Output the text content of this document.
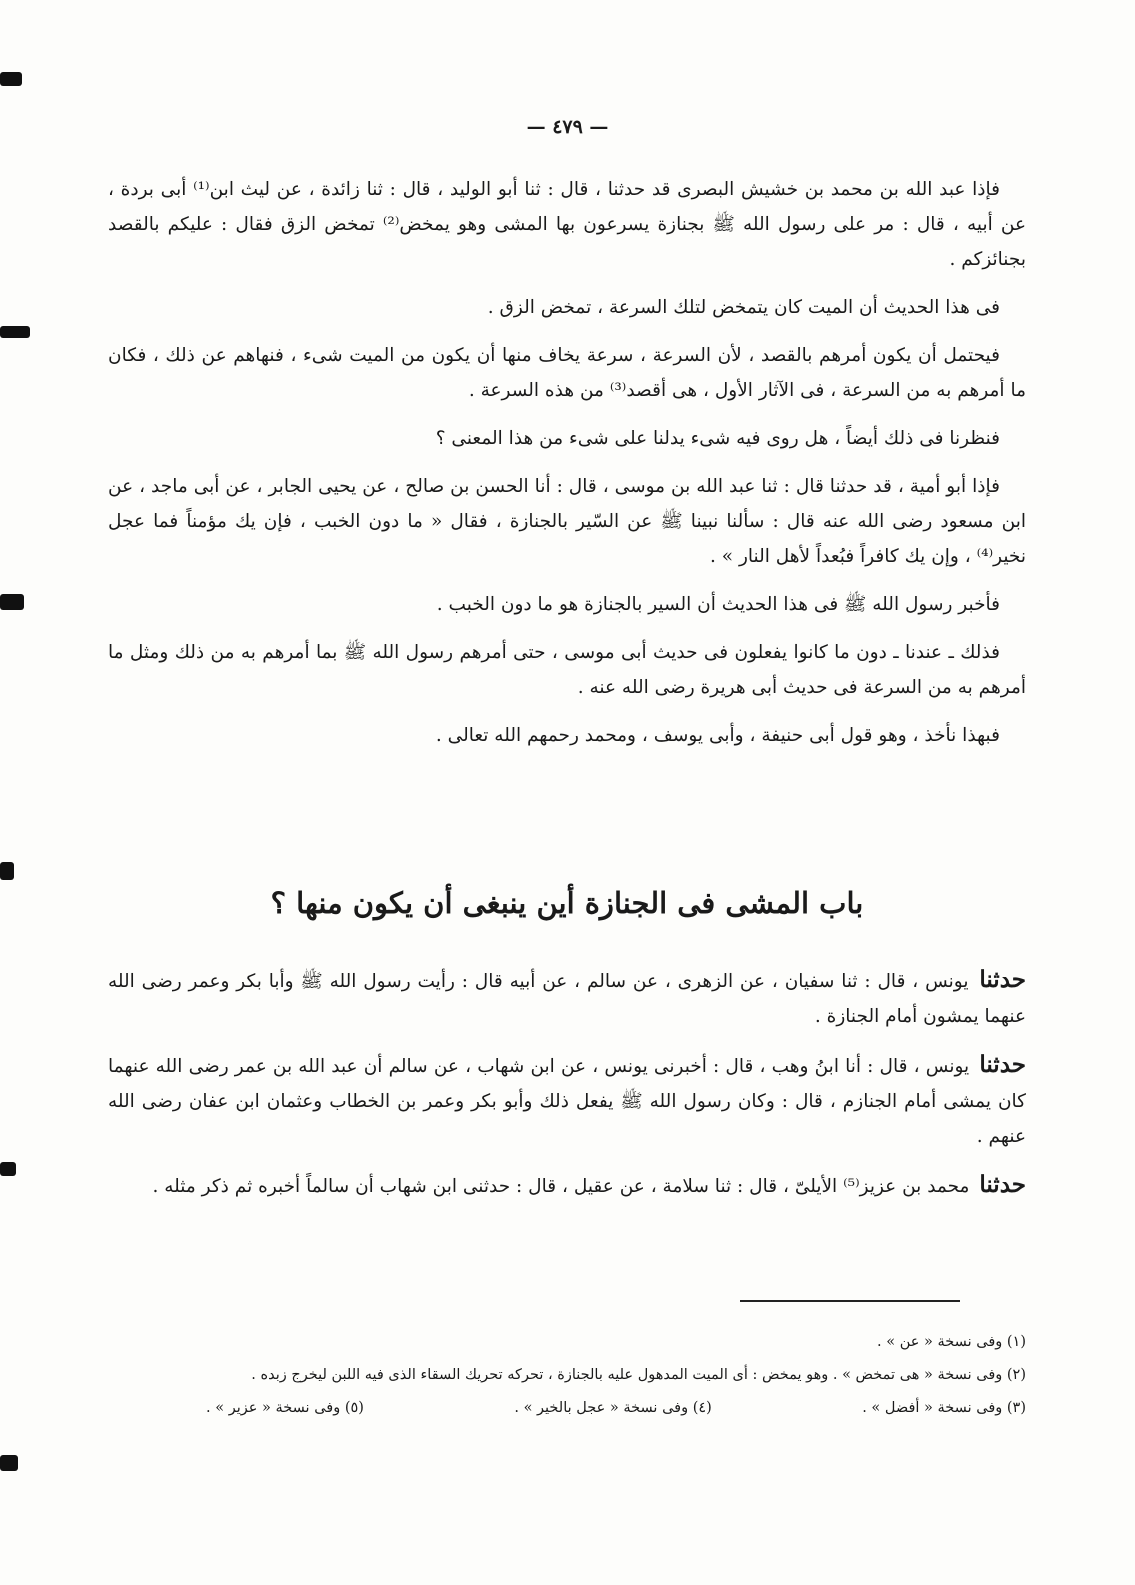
— ٤٧٩ —

فإذا عبد الله بن محمد بن خشيش البصرى قد حدثنا ، قال : ثنا أبو الوليد ، قال : ثنا زائدة ، عن ليث ابن⁽¹⁾ أبى بردة ، عن أبيه ، قال : مر على رسول الله ﷺ بجنازة يسرعون بها المشى وهو يمخض⁽²⁾ تمخض الزق فقال : عليكم بالقصد بجنائزكم .

فى هذا الحديث أن الميت كان يتمخض لتلك السرعة ، تمخض الزق .

فيحتمل أن يكون أمرهم بالقصد ، لأن السرعة ، سرعة يخاف منها أن يكون من الميت شىء ، فنهاهم عن ذلك ، فكان ما أمرهم به من السرعة ، فى الآثار الأول ، هى أقصد⁽³⁾ من هذه السرعة .

فنظرنا فى ذلك أيضاً ، هل روى فيه شىء يدلنا على شىء من هذا المعنى ؟

فإذا أبو أمية ، قد حدثنا قال : ثنا عبد الله بن موسى ، قال : أنا الحسن بن صالح ، عن يحيى الجابر ، عن أبى ماجد ، عن ابن مسعود رضى الله عنه قال : سألنا نبينا ﷺ عن السّير بالجنازة ، فقال « ما دون الخبب ، فإن يك مؤمناً فما عجل نخير⁽⁴⁾ ، وإن يك كافراً فبُعداً لأهل النار » .

فأخبر رسول الله ﷺ فى هذا الحديث أن السير بالجنازة هو ما دون الخبب .

فذلك ـ عندنا ـ دون ما كانوا يفعلون فى حديث أبى موسى ، حتى أمرهم رسول الله ﷺ بما أمرهم به من ذلك ومثل ما أمرهم به من السرعة فى حديث أبى هريرة رضى الله عنه .

فبهذا نأخذ ، وهو قول أبى حنيفة ، وأبى يوسف ، ومحمد رحمهم الله تعالى .

باب المشى فى الجنازة أين ينبغى أن يكون منها ؟

حدثنا يونس ، قال : ثنا سفيان ، عن الزهرى ، عن سالم ، عن أبيه قال : رأيت رسول الله ﷺ وأبا بكر وعمر رضى الله عنهما يمشون أمام الجنازة .

حدثنا يونس ، قال : أنا ابنُ وهب ، قال : أخبرنى يونس ، عن ابن شهاب ، عن سالم أن عبد الله بن عمر رضى الله عنهما كان يمشى أمام الجنازم ، قال : وكان رسول الله ﷺ يفعل ذلك وأبو بكر وعمر بن الخطاب وعثمان ابن عفان رضى الله عنهم .

حدثنا محمد بن عزيز⁽⁵⁾ الأيلىّ ، قال : ثنا سلامة ، عن عقيل ، قال : حدثنى ابن شهاب أن سالماً أخبره ثم ذكر مثله .

(١) وفى نسخة « عن » .

(٢) وفى نسخة « هى تمخض » . وهو يمخض : أى الميت المدهول عليه بالجنازة ، تحركه تحريك السقاء الذى فيه اللبن ليخرج زبده .

(٣) وفى نسخة « أفضل » .
(٤) وفى نسخة « عجل بالخير » .
(٥) وفى نسخة « عزير » .
